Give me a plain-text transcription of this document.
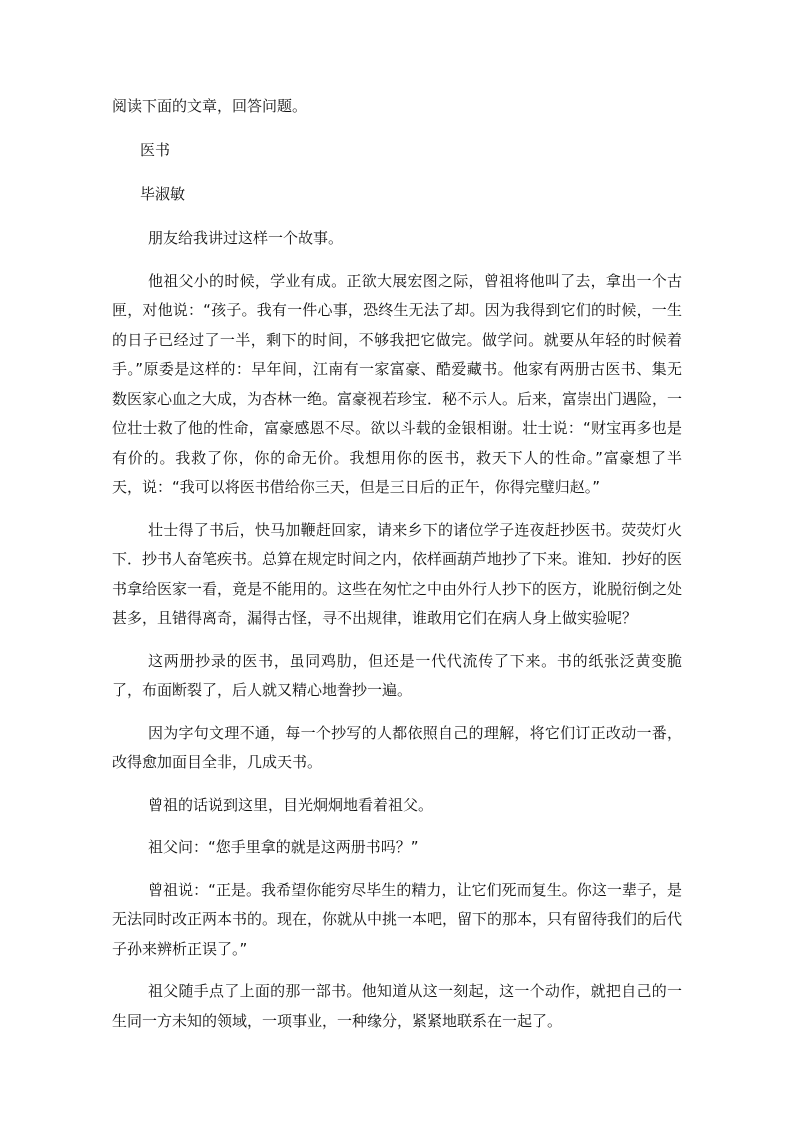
阅读下面的文章，回答问题。

医书

毕淑敏

朋友给我讲过这样一个故事。

他祖父小的时候，学业有成。正欲大展宏图之际，曾祖将他叫了去，拿出一个古匣，对他说：“孩子。我有一件心事，恐终生无法了却。因为我得到它们的时候，一生的日子已经过了一半，剩下的时间，不够我把它做完。做学问。就要从年轻的时候着手。”原委是这样的：早年间，江南有一家富豪、酷爱藏书。他家有两册古医书、集无数医家心血之大成，为杏林一绝。富豪视若珍宝．秘不示人。后来，富崇出门遇险，一位壮士救了他的性命，富豪感恩不尽。欲以斗载的金银相谢。壮士说：“财宝再多也是有价的。我救了你，你的命无价。我想用你的医书，救天下人的性命。”富豪想了半天，说：“我可以将医书借给你三天，但是三日后的正午，你得完璧归赵。”

壮士得了书后，快马加鞭赶回家，请来乡下的诸位学子连夜赶抄医书。荧荧灯火下．抄书人奋笔疾书。总算在规定时间之内，依样画葫芦地抄了下来。谁知．抄好的医书拿给医家一看，竟是不能用的。这些在匆忙之中由外行人抄下的医方，讹脱衍倒之处甚多，且错得离奇，漏得古怪，寻不出规律，谁敢用它们在病人身上做实验呢？

这两册抄录的医书，虽同鸡肋，但还是一代代流传了下来。书的纸张泛黄变脆了，布面断裂了，后人就又精心地誊抄一遍。

因为字句文理不通，每一个抄写的人都依照自己的理解，将它们订正改动一番，改得愈加面目全非，几成天书。

曾祖的话说到这里，目光炯炯地看着祖父。

祖父问：“您手里拿的就是这两册书吗？”

曾祖说：“正是。我希望你能穷尽毕生的精力，让它们死而复生。你这一辈子，是无法同时改正两本书的。现在，你就从中挑一本吧，留下的那本，只有留待我们的后代子孙来辨析正误了。”

祖父随手点了上面的那一部书。他知道从这一刻起，这一个动作，就把自己的一生同一方未知的领域，一项事业，一种缘分，紧紧地联系在一起了。
